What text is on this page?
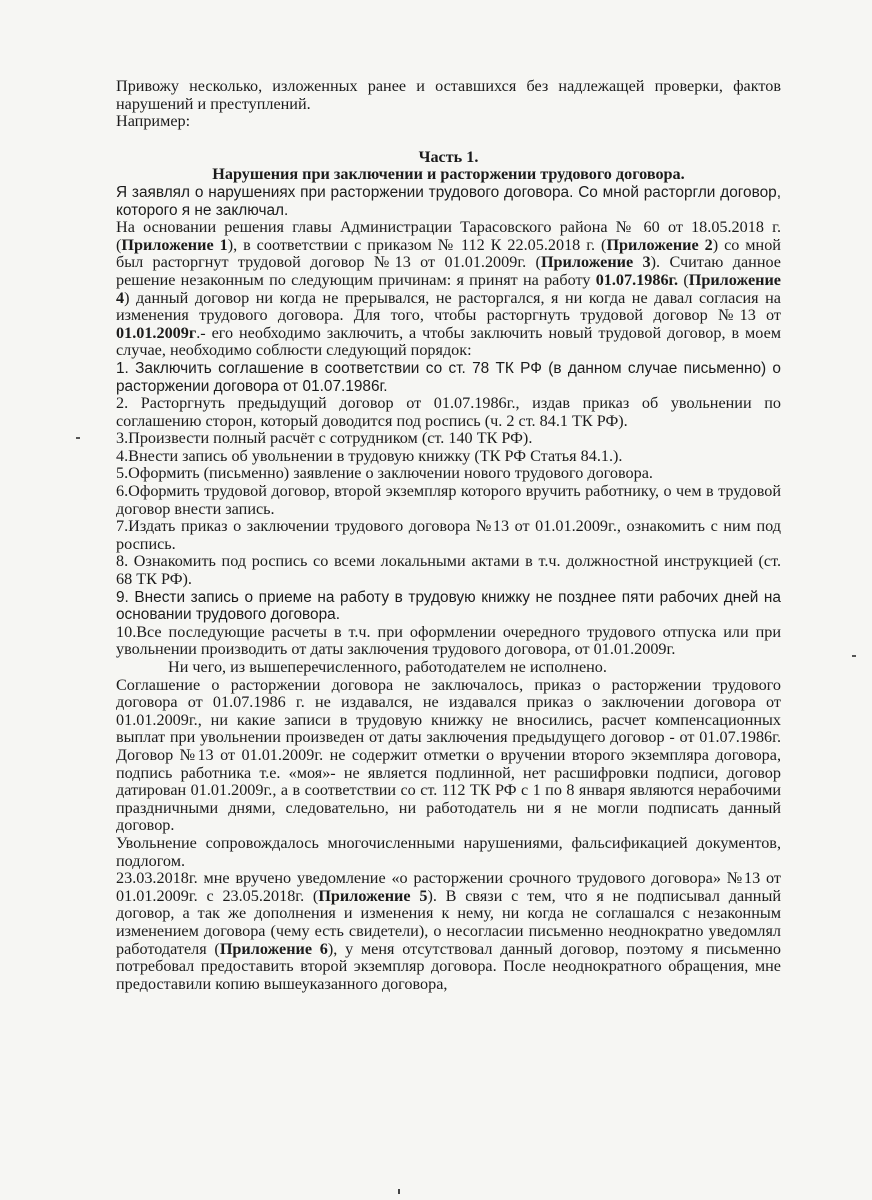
Привожу несколько, изложенных ранее и оставшихся без надлежащей проверки, фактов нарушений и преступлений.

Например:

Часть 1.

Нарушения при заключении и расторжении трудового договора.

Я заявлял о нарушениях при расторжении трудового договора. Со мной расторгли договор, которого я не заключал.

На основании решения главы Администрации Тарасовского района № 60 от 18.05.2018 г. (Приложение 1), в соответствии с приказом № 112 К 22.05.2018 г. (Приложение 2) со мной был расторгнут трудовой договор №13 от 01.01.2009г. (Приложение 3). Считаю данное решение незаконным по следующим причинам: я принят на работу 01.07.1986г. (Приложение 4) данный договор ни когда не прерывался, не расторгался, я ни когда не давал согласия на изменения трудового договора. Для того, чтобы расторгнуть трудовой договор №13 от 01.01.2009г.- его необходимо заключить, а чтобы заключить новый трудовой договор, в моем случае, необходимо соблюсти следующий порядок:

1. Заключить соглашение в соответствии со ст. 78 ТК РФ (в данном случае письменно) о расторжении договора от 01.07.1986г.

2. Расторгнуть предыдущий договор от 01.07.1986г., издав приказ об увольнении по соглашению сторон, который доводится под роспись (ч. 2 ст. 84.1 ТК РФ).

3.Произвести полный расчёт с сотрудником (ст. 140 ТК РФ).

4.Внести запись об увольнении в трудовую книжку (ТК РФ Статья 84.1.).

5.Оформить (письменно) заявление о заключении нового трудового договора.

6.Оформить трудовой договор, второй экземпляр которого вручить работнику, о чем в трудовой договор внести запись.

7.Издать приказ о заключении трудового договора №13 от 01.01.2009г., ознакомить с ним под роспись.

8. Ознакомить под роспись со всеми локальными актами в т.ч. должностной инструкцией (ст. 68 ТК РФ).

9. Внести запись о приеме на работу в трудовую книжку не позднее пяти рабочих дней на основании трудового договора.

10.Все последующие расчеты в т.ч. при оформлении очередного трудового отпуска или при увольнении производить от даты заключения трудового договора, от 01.01.2009г.

Ни чего, из вышеперечисленного, работодателем не исполнено.

Соглашение о расторжении договора не заключалось, приказ о расторжении трудового договора от 01.07.1986 г. не издавался, не издавался приказ о заключении договора от 01.01.2009г., ни какие записи в трудовую книжку не вносились, расчет компенсационных выплат при увольнении произведен от даты заключения предыдущего договор - от 01.07.1986г. Договор №13 от 01.01.2009г. не содержит отметки о вручении второго экземпляра договора, подпись работника т.е. «моя»- не является подлинной, нет расшифровки подписи, договор датирован 01.01.2009г., а в соответствии со ст. 112 ТК РФ с 1 по 8 января являются нерабочими праздничными днями, следовательно, ни работодатель ни я не могли подписать данный договор.

Увольнение сопровождалось многочисленными нарушениями, фальсификацией документов, подлогом.

23.03.2018г. мне вручено уведомление «о расторжении срочного трудового договора» №13 от 01.01.2009г. с 23.05.2018г. (Приложение 5). В связи с тем, что я не подписывал данный договор, а так же дополнения и изменения к нему, ни когда не соглашался с незаконным изменением договора (чему есть свидетели), о несогласии письменно неоднократно уведомлял работодателя (Приложение 6), у меня отсутствовал данный договор, поэтому я письменно потребовал предоставить второй экземпляр договора. После неоднократного обращения, мне предоставили копию вышеуказанного договора,
